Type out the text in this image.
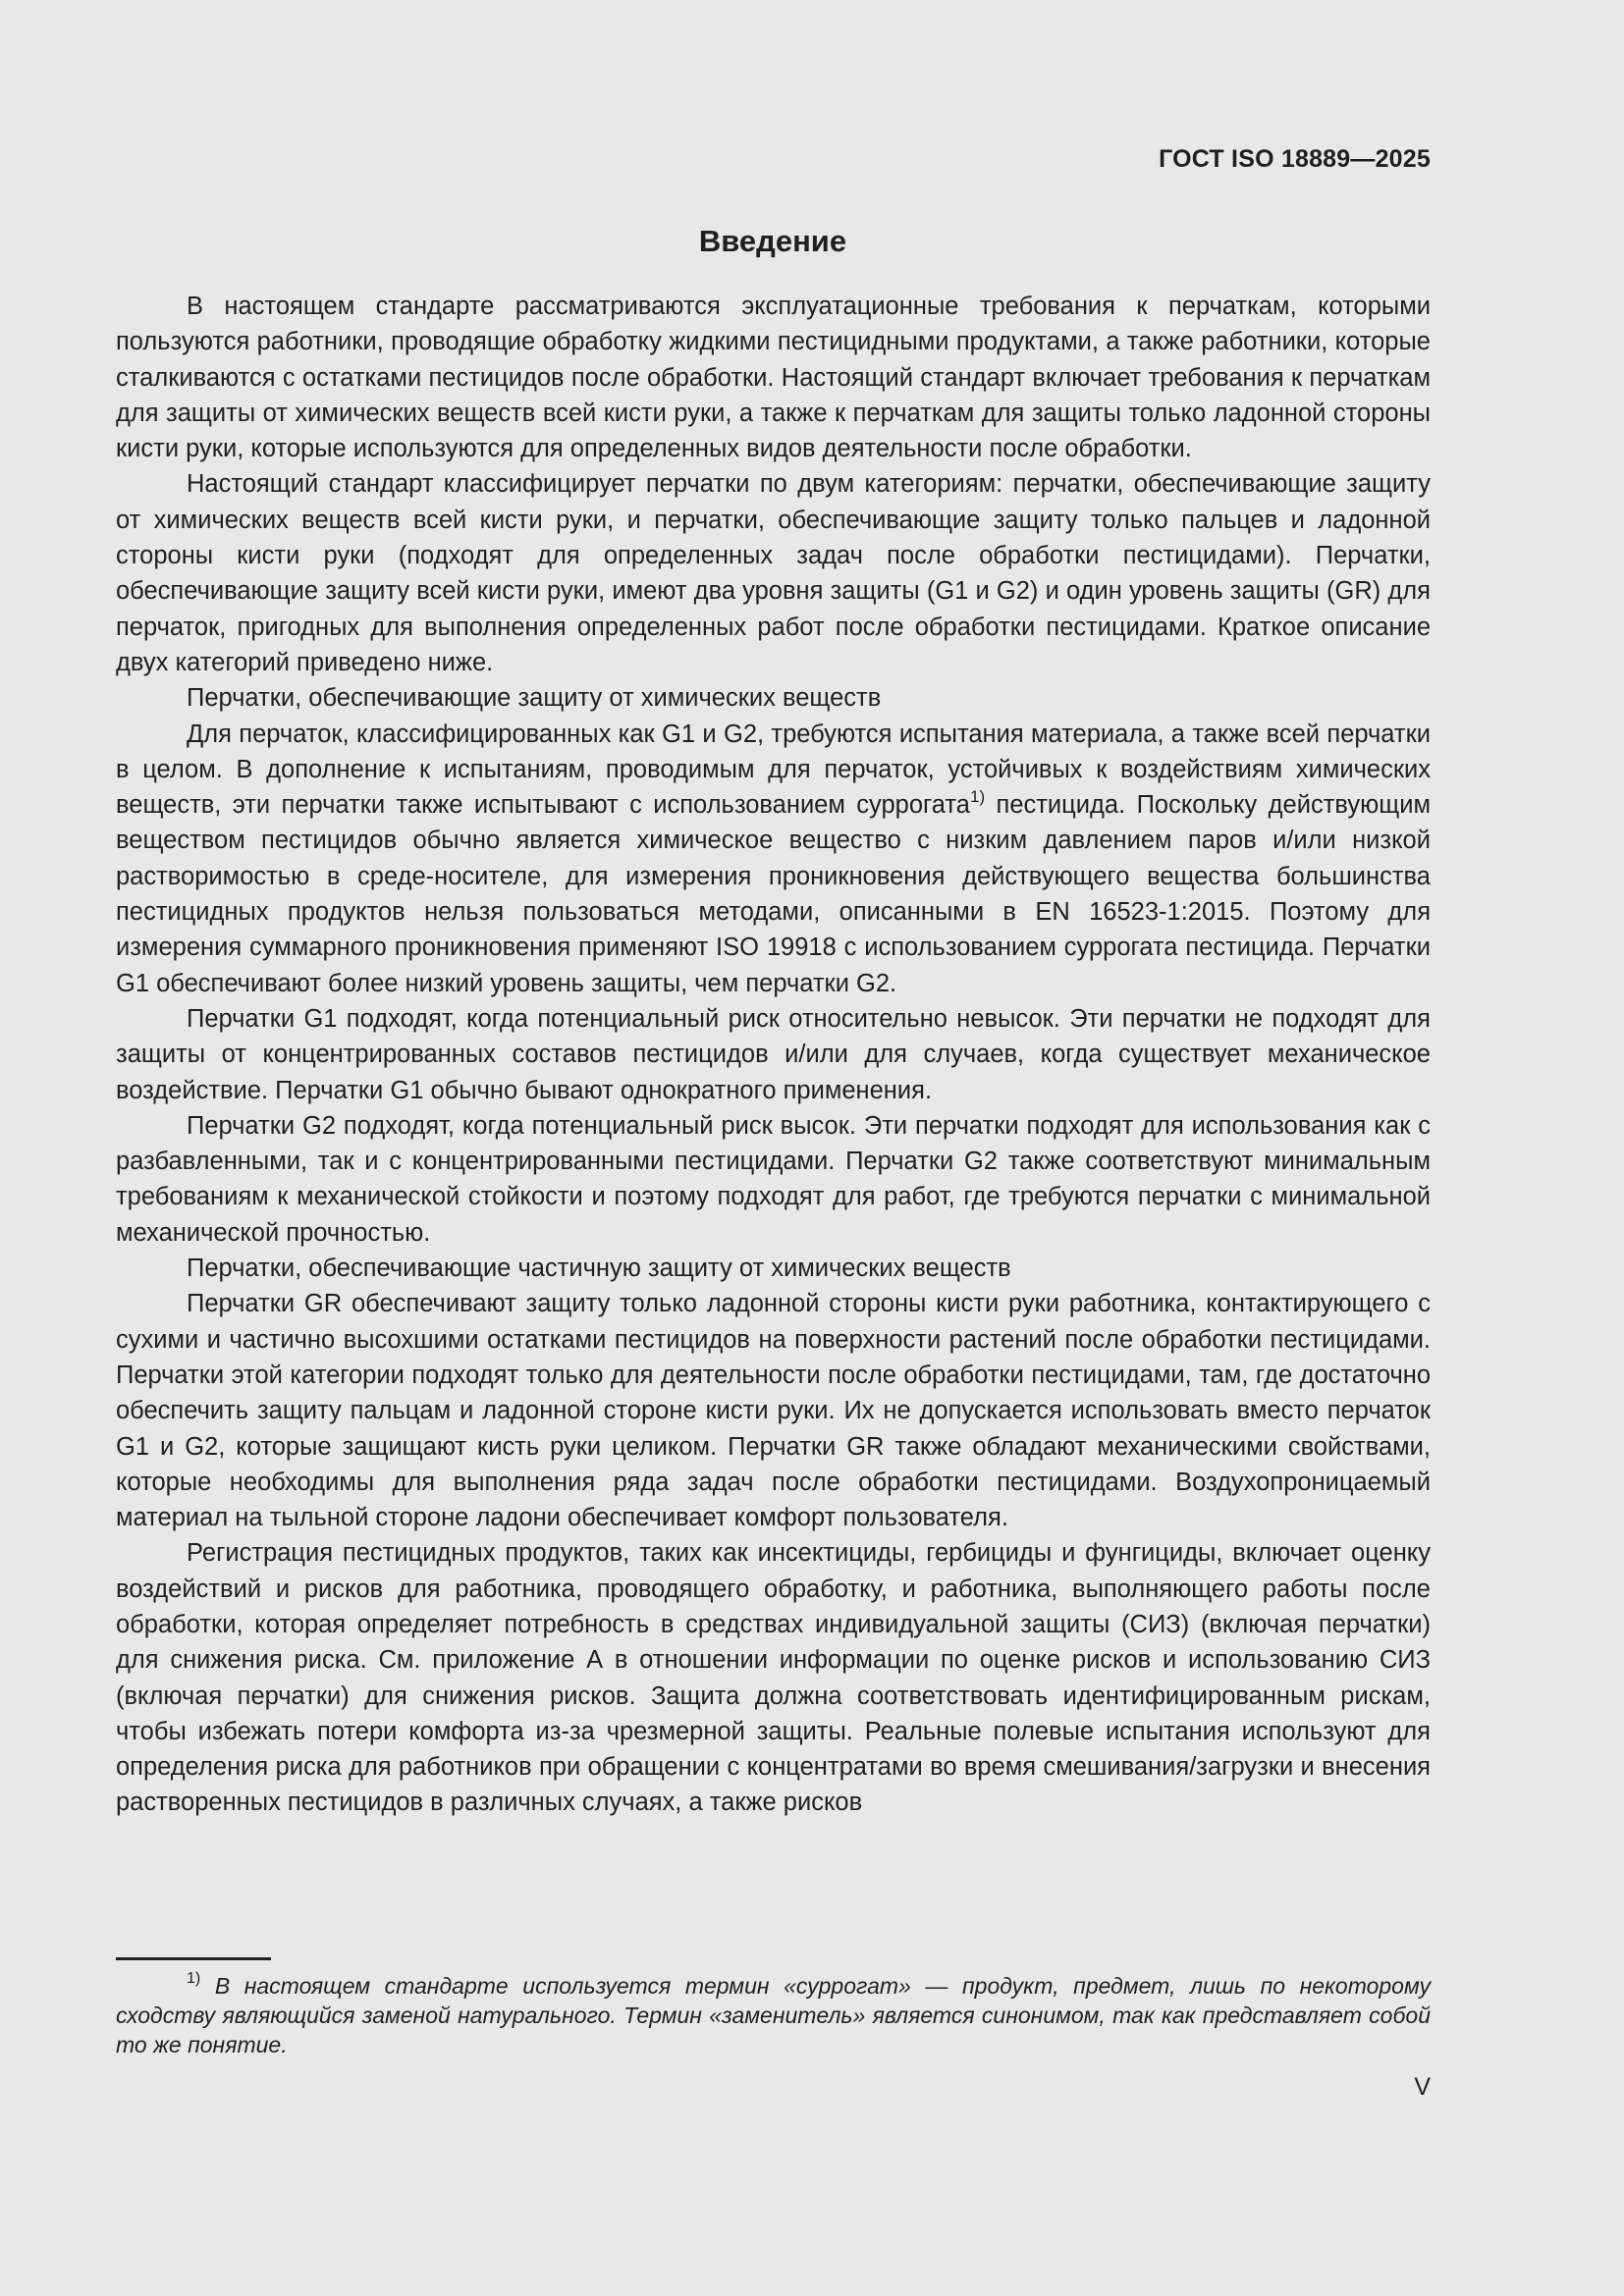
ГОСТ ISO 18889—2025
Введение

В настоящем стандарте рассматриваются эксплуатационные требования к перчаткам, которыми пользуются работники, проводящие обработку жидкими пестицидными продуктами, а также работники, которые сталкиваются с остатками пестицидов после обработки. Настоящий стандарт включает требования к перчаткам для защиты от химических веществ всей кисти руки, а также к перчаткам для защиты только ладонной стороны кисти руки, которые используются для определенных видов деятельности после обработки.

Настоящий стандарт классифицирует перчатки по двум категориям: перчатки, обеспечивающие защиту от химических веществ всей кисти руки, и перчатки, обеспечивающие защиту только пальцев и ладонной стороны кисти руки (подходят для определенных задач после обработки пестицидами). Перчатки, обеспечивающие защиту всей кисти руки, имеют два уровня защиты (G1 и G2) и один уровень защиты (GR) для перчаток, пригодных для выполнения определенных работ после обработки пестицидами. Краткое описание двух категорий приведено ниже.

Перчатки, обеспечивающие защиту от химических веществ

Для перчаток, классифицированных как G1 и G2, требуются испытания материала, а также всей перчатки в целом. В дополнение к испытаниям, проводимым для перчаток, устойчивых к воздействиям химических веществ, эти перчатки также испытывают с использованием суррогата$^{1)}$ пестицида. Поскольку действующим веществом пестицидов обычно является химическое вещество с низким давлением паров и/или низкой растворимостью в среде-носителе, для измерения проникновения действующего вещества большинства пестицидных продуктов нельзя пользоваться методами, описанными в EN 16523-1:2015. Поэтому для измерения суммарного проникновения применяют ISO 19918 с использованием суррогата пестицида. Перчатки G1 обеспечивают более низкий уровень защиты, чем перчатки G2.

Перчатки G1 подходят, когда потенциальный риск относительно невысок. Эти перчатки не подходят для защиты от концентрированных составов пестицидов и/или для случаев, когда существует механическое воздействие. Перчатки G1 обычно бывают однократного применения.

Перчатки G2 подходят, когда потенциальный риск высок. Эти перчатки подходят для использования как с разбавленными, так и с концентрированными пестицидами. Перчатки G2 также соответствуют минимальным требованиям к механической стойкости и поэтому подходят для работ, где требуются перчатки с минимальной механической прочностью.

Перчатки, обеспечивающие частичную защиту от химических веществ

Перчатки GR обеспечивают защиту только ладонной стороны кисти руки работника, контактирующего с сухими и частично высохшими остатками пестицидов на поверхности растений после обработки пестицидами. Перчатки этой категории подходят только для деятельности после обработки пестицидами, там, где достаточно обеспечить защиту пальцам и ладонной стороне кисти руки. Их не допускается использовать вместо перчаток G1 и G2, которые защищают кисть руки целиком. Перчатки GR также обладают механическими свойствами, которые необходимы для выполнения ряда задач после обработки пестицидами. Воздухопроницаемый материал на тыльной стороне ладони обеспечивает комфорт пользователя.

Регистрация пестицидных продуктов, таких как инсектициды, гербициды и фунгициды, включает оценку воздействий и рисков для работника, проводящего обработку, и работника, выполняющего работы после обработки, которая определяет потребность в средствах индивидуальной защиты (СИЗ) (включая перчатки) для снижения риска. См. приложение А в отношении информации по оценке рисков и использованию СИЗ (включая перчатки) для снижения рисков. Защита должна соответствовать идентифицированным рискам, чтобы избежать потери комфорта из-за чрезмерной защиты. Реальные полевые испытания используют для определения риска для работников при обращении с концентратами во время смешивания/загрузки и внесения растворенных пестицидов в различных случаях, а также рисков

$^{1)}$ В настоящем стандарте используется термин «суррогат» — продукт, предмет, лишь по некоторому сходству являющийся заменой натурального. Термин «заменитель» является синонимом, так как представляет собой то же понятие.

V
